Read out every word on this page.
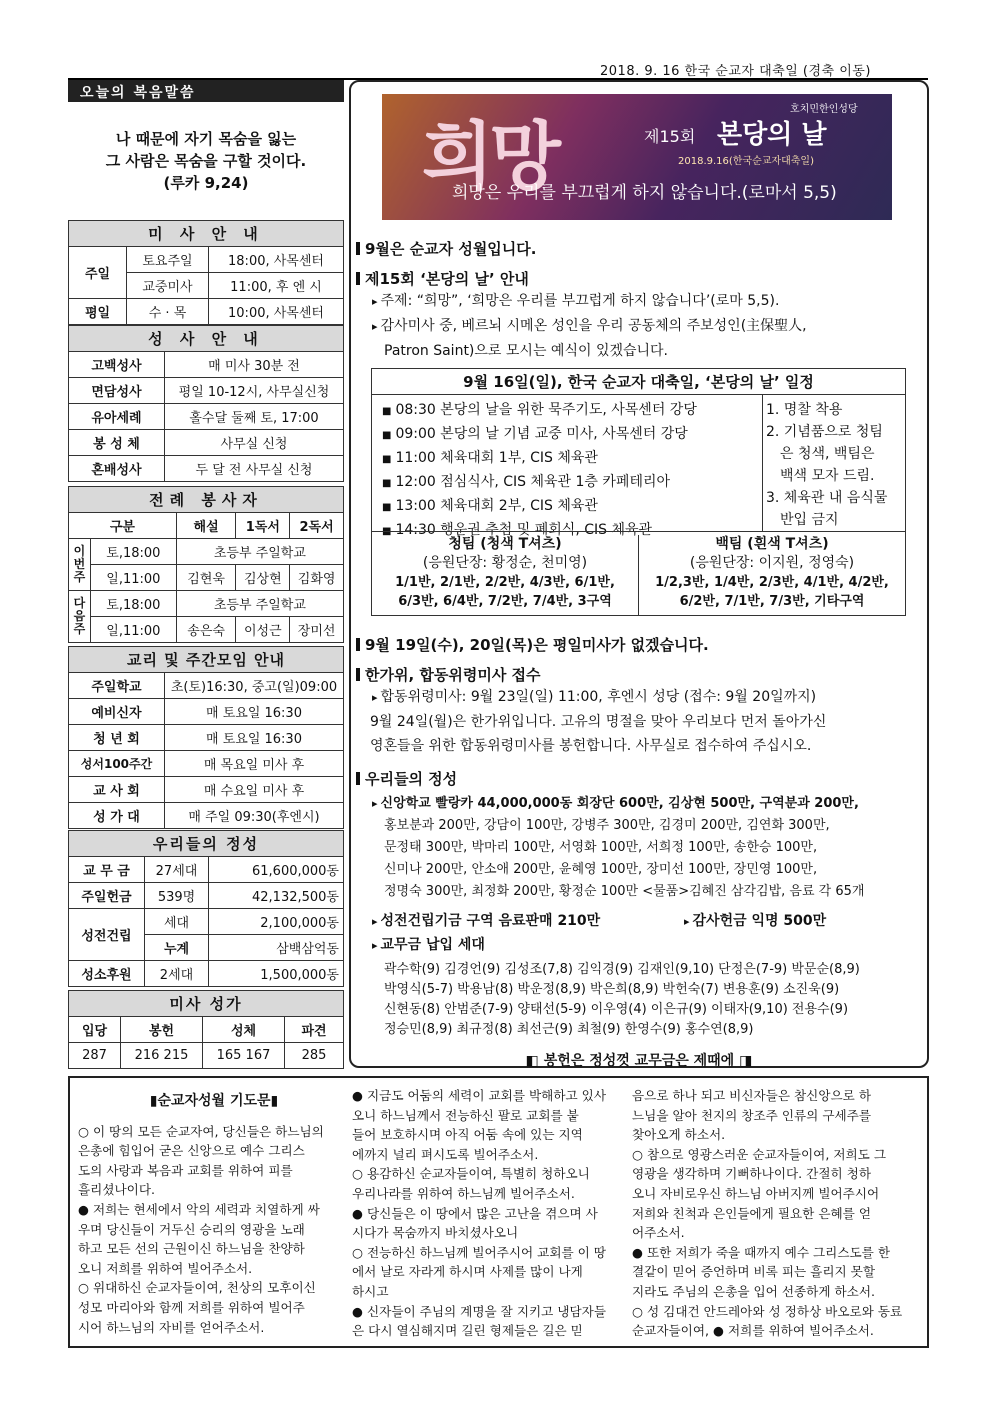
2018. 9. 16 한국 순교자 대축일 (경축 이동)
오늘의 복음말씀
나 때문에 자기 목숨을 잃는
그 사람은 목숨을 구할 것이다.
(루카 9,24)
미 사 안 내		
주일	토요주일	18:00, 사목센터
	교중미사	11:00, 후 엔 시
평일	수 · 목	10:00, 사목센터
성 사 안 내	
고백성사	매 미사 30분 전
면담성사	평일 10-12시, 사무실신청
유아세례	홀수달 둘째 토, 17:00
봉 성 체	사무실 신청
혼배성사	두 달 전 사무실 신청
전례 봉사자				
구분		해설	1독서	2독서
이번주	토,18:00	초등부 주일학교		
	일,11:00	김현욱	김상현	김화영
다음주	토,18:00	초등부 주일학교		
	일,11:00	송은숙	이성근	장미선
교리 및 주간모임 안내	
주일학교	초(토)16:30, 중고(일)09:00
예비신자	매 토요일 16:30
청 년 회	매 토요일 16:30
성서100주간	매 목요일 미사 후
교 사 회	매 수요일 미사 후
성 가 대	매 주일 09:30(후엔시)
우리들의 정성		
교 무 금	27세대	61,600,000동
주일헌금	539명	42,132,500동
성전건립	세대	2,100,000동
	누계	삼백삼억동
성소후원	2세대	1,500,000동
미사 성가			
입당	봉헌	성체	파견
287	216 215	165 167	285
희망
호치민한인성당
제15회 본당의 날
2018.9.16(한국순교자대축일)
희망은 우리를 부끄럽게 하지 않습니다.(로마서 5,5)
9월은 순교자 성월입니다.
제15회 ‘본당의 날’ 안내
▸ 주제: “희망”, ‘희망은 우리를 부끄럽게 하지 않습니다’(로마 5,5).
▸ 감사미사 중, 베르뇌 시메온 성인을 우리 공동체의 주보성인(主保聖人,
Patron Saint)으로 모시는 예식이 있겠습니다.
9월 16일(일), 한국 순교자 대축일, ‘본당의 날’ 일정
■ 08:30 본당의 날을 위한 묵주기도, 사목센터 강당
■ 09:00 본당의 날 기념 교중 미사, 사목센터 강당
■ 11:00 체육대회 1부, CIS 체육관
■ 12:00 점심식사, CIS 체육관 1층 카페테리아
■ 13:00 체육대회 2부, CIS 체육관
■ 14:30 행운권 추첨 및 폐회식, CIS 체육관
1. 명찰 착용
2. 기념품으로 청팀
은 청색, 백팀은
백색 모자 드림.
3. 체육관 내 음식물
반입 금지
청팀 (청색 T셔츠)
(응원단장: 황정순, 천미영)
1/1반, 2/1반, 2/2반, 4/3반, 6/1반,
6/3반, 6/4반, 7/2반, 7/4반, 3구역
백팀 (흰색 T셔츠)
(응원단장: 이지원, 정영숙)
1/2,3반, 1/4반, 2/3반, 4/1반, 4/2반,
6/2반, 7/1반, 7/3반, 기타구역
9월 19일(수), 20일(목)은 평일미사가 없겠습니다.
한가위, 합동위령미사 접수
▸ 합동위령미사: 9월 23일(일) 11:00, 후엔시 성당 (접수: 9월 20일까지)
9월 24일(월)은 한가위입니다. 고유의 명절을 맞아 우리보다 먼저 돌아가신
영혼들을 위한 합동위령미사를 봉헌합니다. 사무실로 접수하여 주십시오.
우리들의 정성
▸ 신앙학교 빨랑카 44,000,000동 회장단 600만, 김상현 500만, 구역분과 200만,
홍보분과 200만, 강담이 100만, 강병주 300만, 김경미 200만, 김연화 300만,
문정태 300만, 박마리 100만, 서영화 100만, 서희정 100만, 송한승 100만,
신미나 200만, 안소애 200만, 윤혜영 100만, 장미선 100만, 장민영 100만,
정명숙 300만, 최정화 200만, 황정순 100만 <물품>김혜진 삼각김밥, 음료 각 65개
▸ 성전건립기금 구역 음료판매 210만	▸ 감사헌금 익명 500만
▸ 교무금 납입 세대
곽수학(9) 김경언(9) 김성조(7,8) 김익경(9) 김재인(9,10) 단정은(7-9) 박문순(8,9)
박영식(5-7) 박용남(8) 박운정(8,9) 박은희(8,9) 박헌숙(7) 변용훈(9) 소진욱(9)
신현동(8) 안범준(7-9) 양태선(5-9) 이우영(4) 이은규(9) 이태자(9,10) 전용수(9)
정승민(8,9) 최규정(8) 최선근(9) 최철(9) 한영수(9) 홍수연(8,9)
◧ 봉헌은 정성껏 교무금은 제때에 ◨
▮순교자성월 기도문▮
○ 이 땅의 모든 순교자여, 당신들은 하느님의
은총에 힘입어 굳은 신앙으로 예수 그리스
도의 사랑과 복음과 교회를 위하여 피를
흘리셨나이다.
● 저희는 현세에서 악의 세력과 치열하게 싸
우며 당신들이 거두신 승리의 영광을 노래
하고 모든 선의 근원이신 하느님을 찬양하
오니 저희를 위하여 빌어주소서.
○ 위대하신 순교자들이여, 천상의 모후이신
성모 마리아와 함께 저희를 위하여 빌어주
시어 하느님의 자비를 얻어주소서.
● 지금도 어둠의 세력이 교회를 박해하고 있사
오니 하느님께서 전능하신 팔로 교회를 붙
들어 보호하시며 아직 어둠 속에 있는 지역
에까지 널리 펴시도록 빌어주소서.
○ 용감하신 순교자들이여, 특별히 청하오니
우리나라를 위하여 하느님께 빌어주소서.
● 당신들은 이 땅에서 많은 고난을 겪으며 사
시다가 목숨까지 바치셨사오니
○ 전능하신 하느님께 빌어주시어 교회를 이 땅
에서 날로 자라게 하시며 사제를 많이 나게
하시고
● 신자들이 주님의 계명을 잘 지키고 냉담자들
은 다시 열심해지며 길린 형제들은 길은 믿
음으로 하나 되고 비신자들은 참신앙으로 하
느님을 알아 천지의 창조주 인류의 구세주를
찾아오게 하소서.
○ 참으로 영광스러운 순교자들이여, 저희도 그
영광을 생각하며 기뻐하나이다. 간절히 청하
오니 자비로우신 하느님 아버지께 빌어주시어
저희와 친척과 은인들에게 필요한 은혜를 얻
어주소서.
● 또한 저희가 죽을 때까지 예수 그리스도를 한
결같이 믿어 증언하며 비록 피는 흘리지 못할
지라도 주님의 은총을 입어 선종하게 하소서.
○ 성 김대건 안드레아와 성 정하상 바오로와 동료
순교자들이여, ● 저희를 위하여 빌어주소서.
